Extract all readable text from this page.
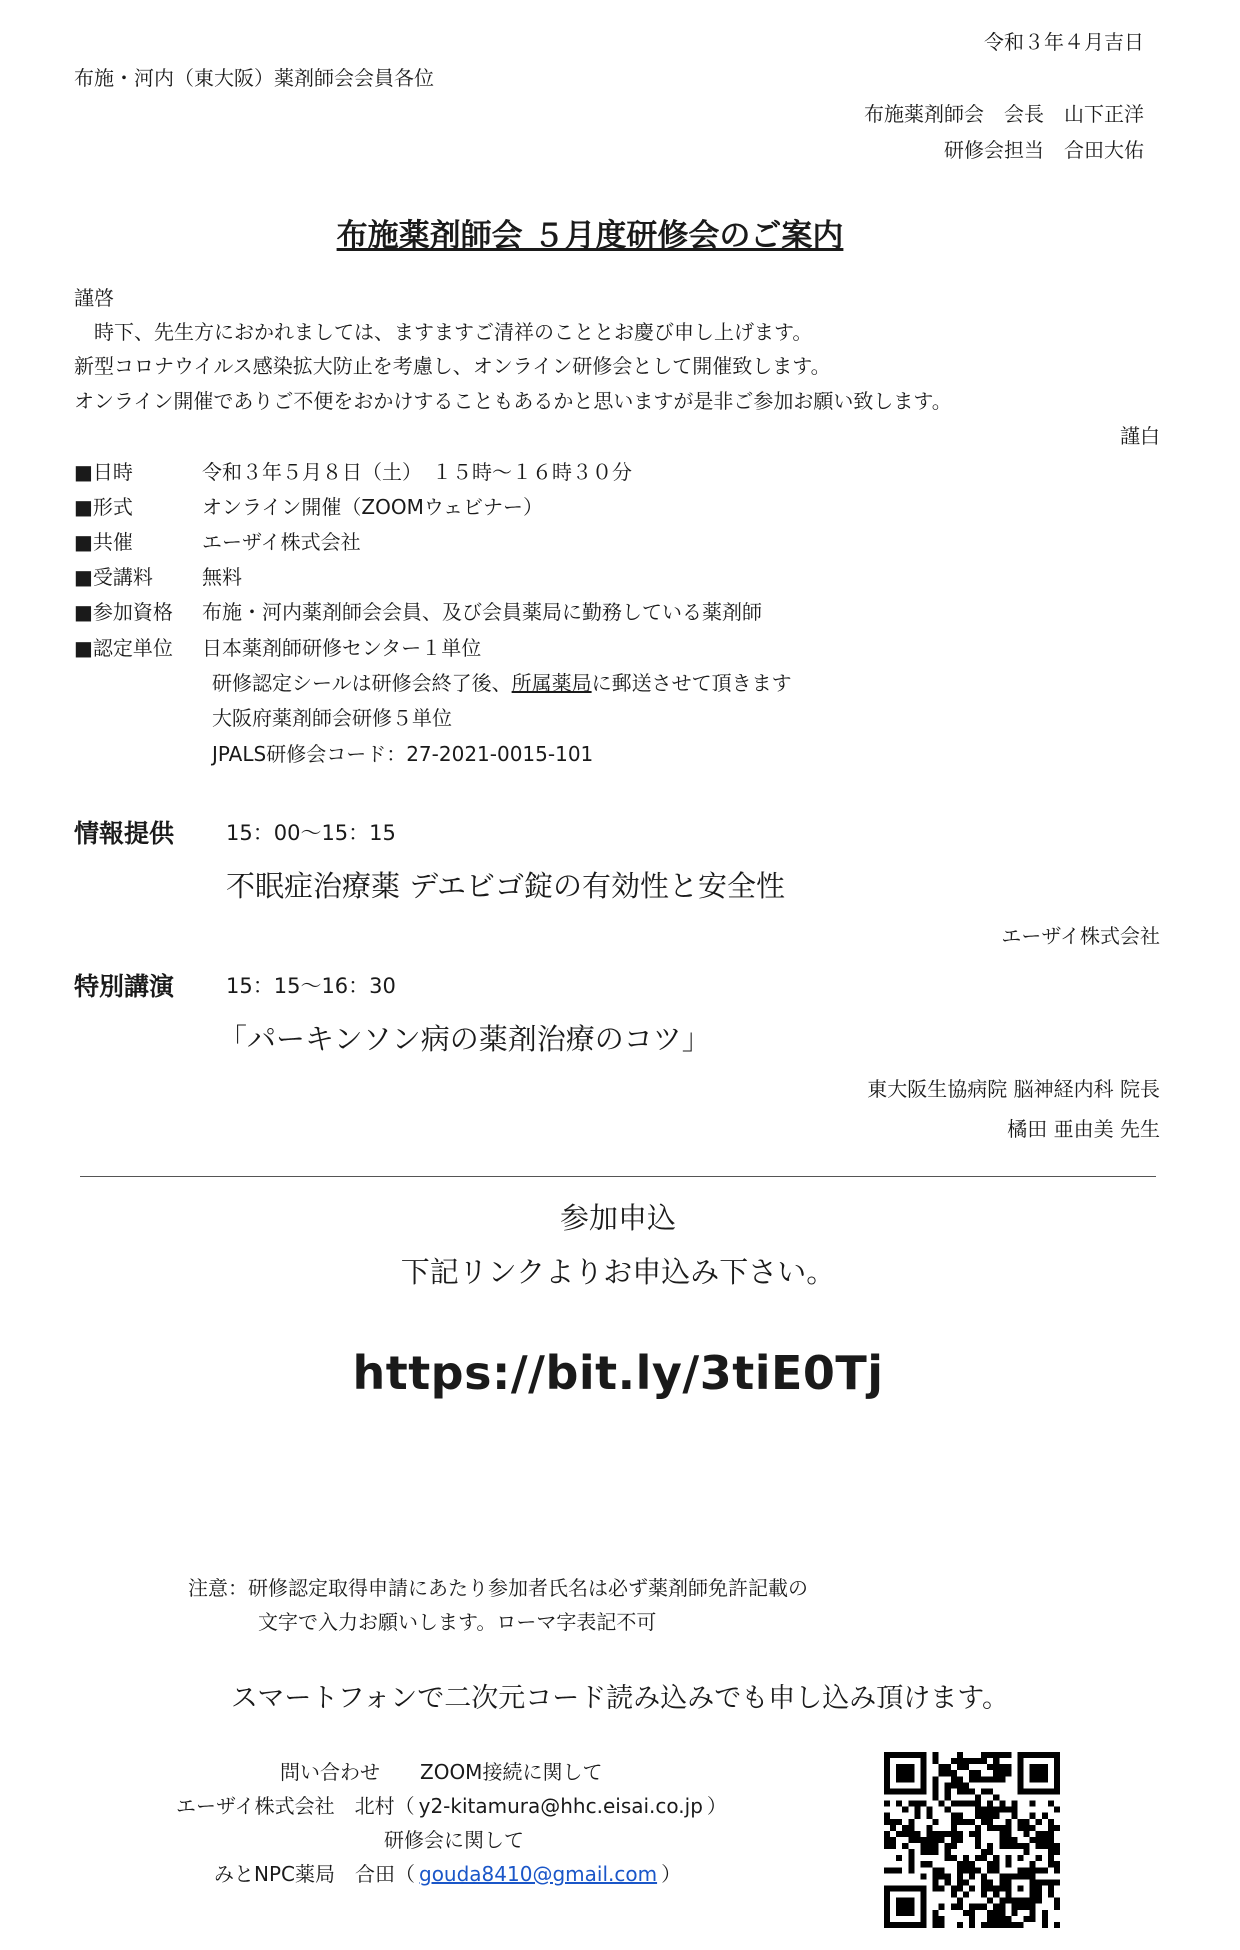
令和３年４月吉日
布施・河内（東大阪）薬剤師会会員各位
布施薬剤師会　会長　山下正洋
研修会担当　合田大佑
布施薬剤師会 ５月度研修会のご案内
謹啓
　時下、先生方におかれましては、ますますご清祥のこととお慶び申し上げます。
新型コロナウイルス感染拡大防止を考慮し、オンライン研修会として開催致します。
オンライン開催でありご不便をおかけすることもあるかと思いますが是非ご参加お願い致します。
謹白
■日時	令和３年５月８日（土）　１５時～１６時３０分
■形式	オンライン開催（ZOOMウェビナー）
■共催	エーザイ株式会社
■受講料 無料
■参加資格 布施・河内薬剤師会会員、及び会員薬局に勤務している薬剤師
■認定単位 日本薬剤師研修センター１単位
研修認定シールは研修会終了後、所属薬局に郵送させて頂きます
大阪府薬剤師会研修５単位
JPALS研修会コード：27-2021-0015-101
情報提供 15：00～15：15
不眠症治療薬 デエビゴ錠の有効性と安全性
エーザイ株式会社
特別講演 15：15～16：30
「パーキンソン病の薬剤治療のコツ」
東大阪生協病院 脳神経内科 院長
橘田 亜由美 先生
参加申込
下記リンクよりお申込み下さい。
https://bit.ly/3tiE0Tj
注意：研修認定取得申請にあたり参加者氏名は必ず薬剤師免許記載の
文字で入力お願いします。ローマ字表記不可
スマートフォンで二次元コード読み込みでも申し込み頂けます。
問い合わせ　　ZOOM接続に関して
エーザイ株式会社　北村（ y2-kitamura@hhc.eisai.co.jp ）
研修会に関して
みとNPC薬局　合田（ gouda8410@gmail.com ）
